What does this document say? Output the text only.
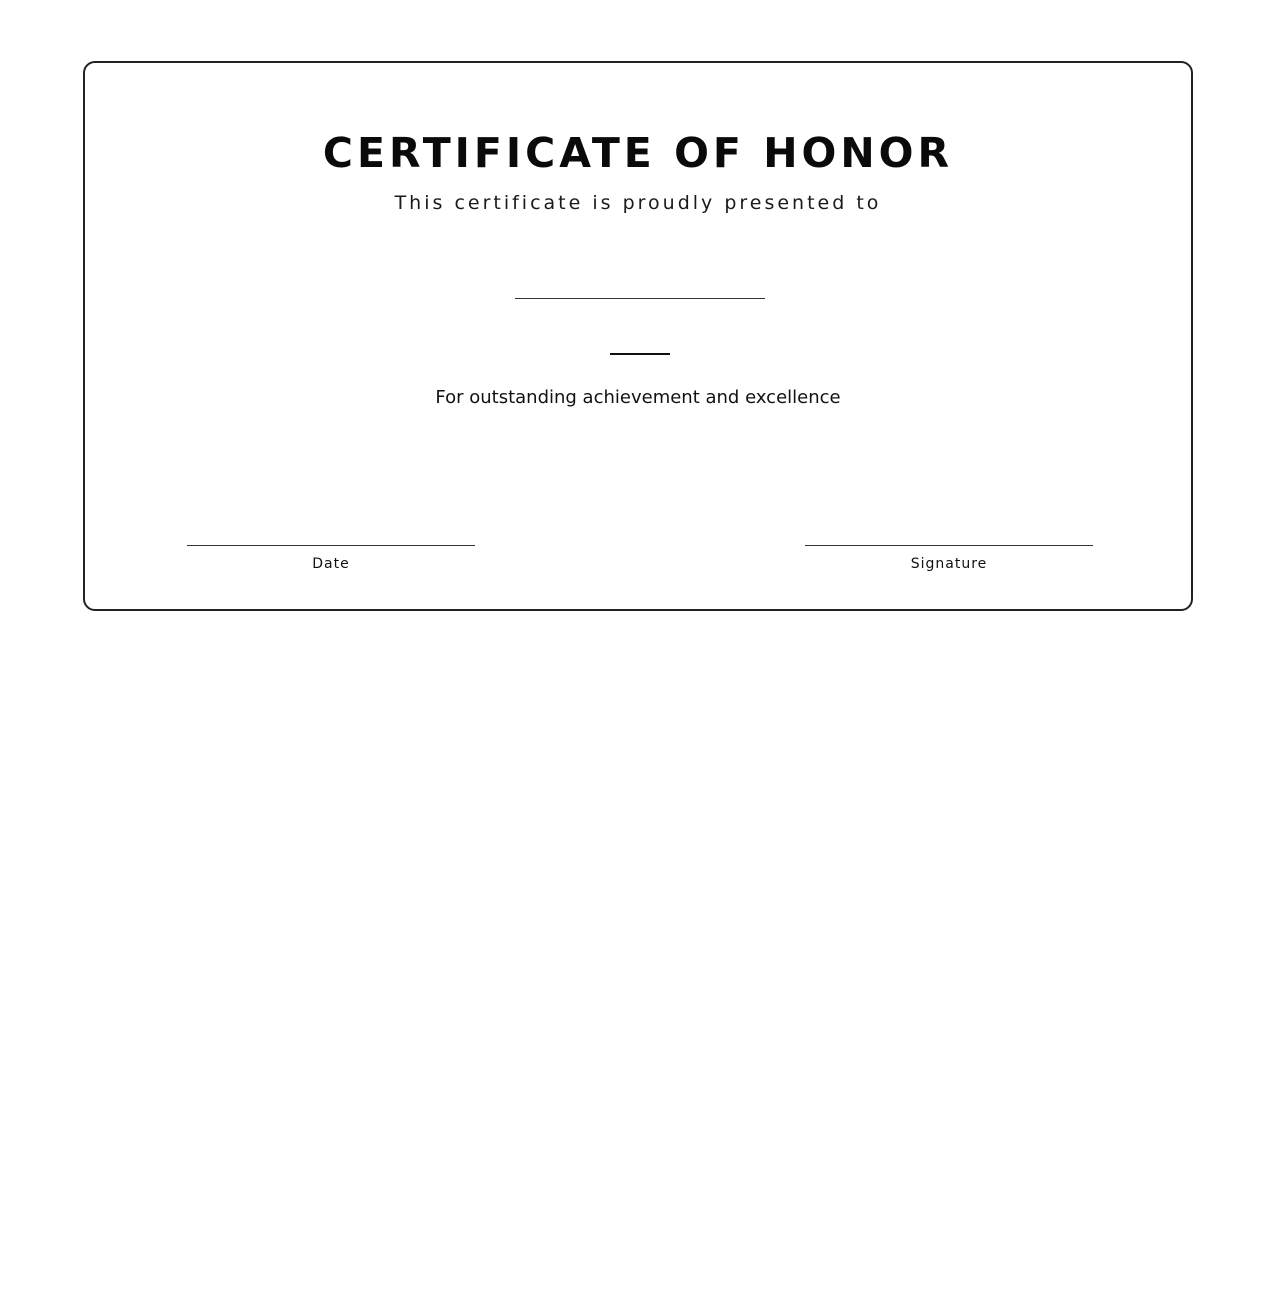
CERTIFICATE OF HONOR

This certificate is proudly presented to

For outstanding achievement and excellence

Date	Signature
